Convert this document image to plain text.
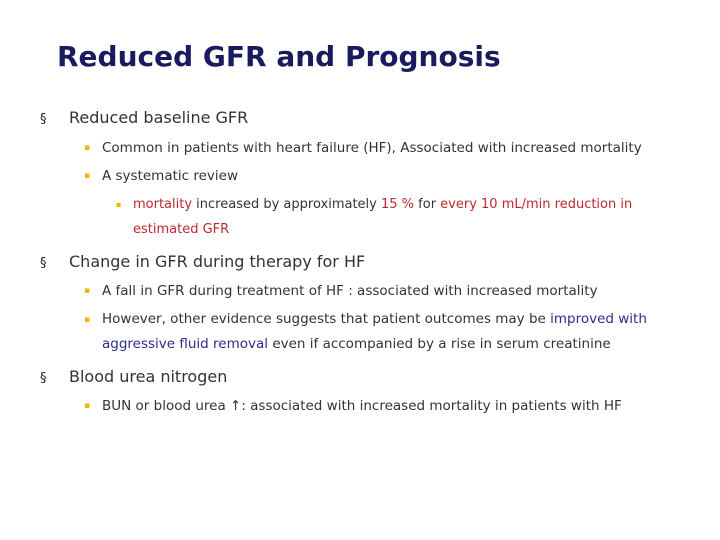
Reduced GFR and Prognosis
§ Reduced baseline GFR
▪ Common in patients with heart failure (HF), Associated with increased mortality
▪ A systematic review
▪ mortality increased by approximately 15 % for every 10 mL/min reduction in estimated GFR
§ Change in GFR during therapy for HF
▪ A fall in GFR during treatment of HF : associated with increased mortality
▪ However, other evidence suggests that patient outcomes may be improved with aggressive fluid removal even if accompanied by a rise in serum creatinine
§ Blood urea nitrogen
▪ BUN or blood urea ↑: associated with increased mortality in patients with HF
